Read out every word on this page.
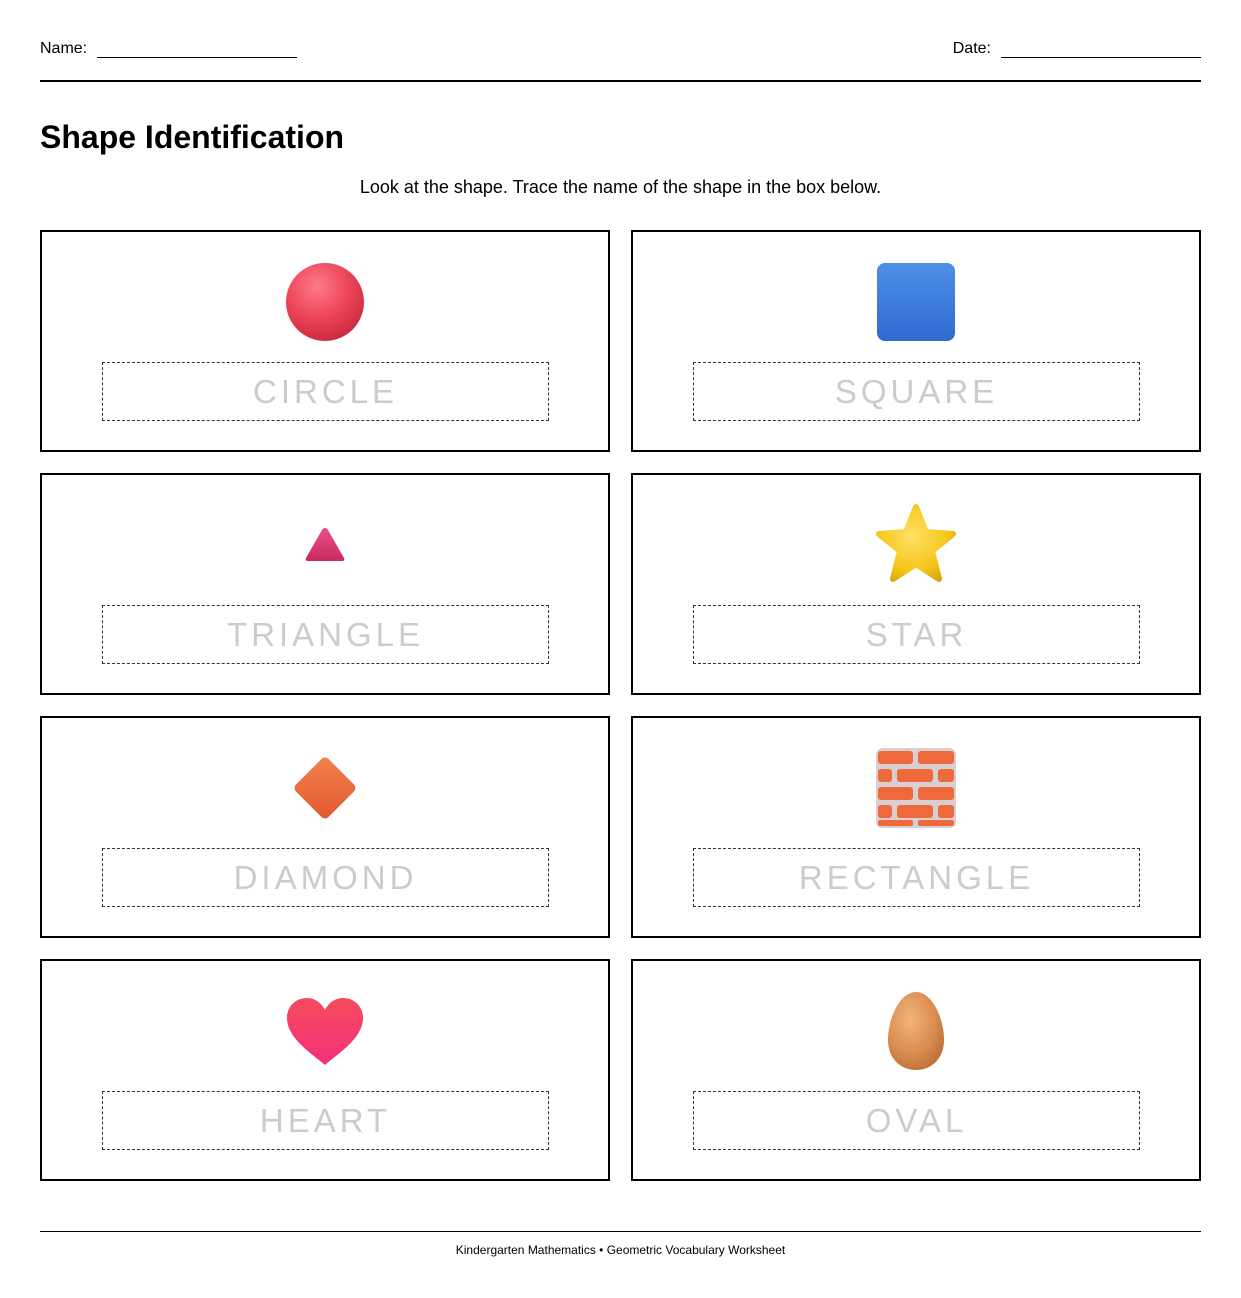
Name:	Date:
Shape Identification
Look at the shape. Trace the name of the shape in the box below.
CIRCLE	SQUARE
TRIANGLE	STAR
DIAMOND	RECTANGLE
HEART	OVAL
Kindergarten Mathematics • Geometric Vocabulary Worksheet
